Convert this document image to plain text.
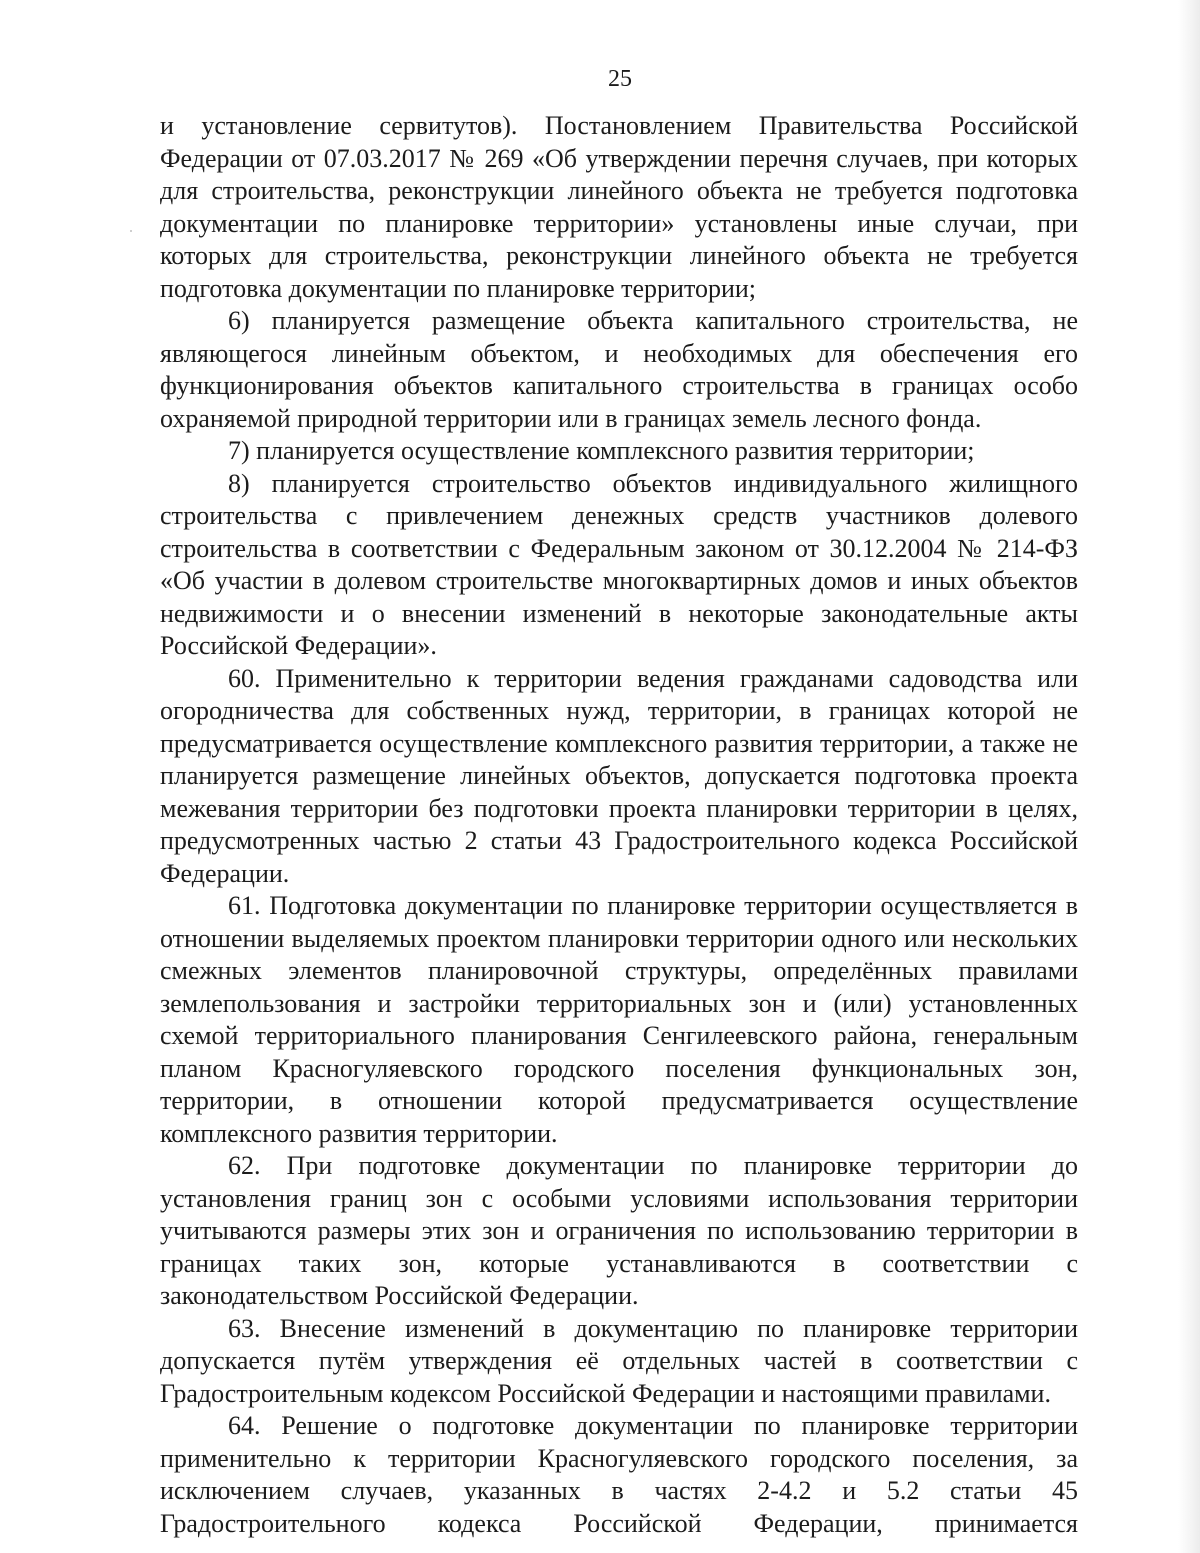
25

и установление сервитутов). Постановлением Правительства Российской Федерации от 07.03.2017 № 269 «Об утверждении перечня случаев, при которых для строительства, реконструкции линейного объекта не требуется подготовка документации по планировке территории» установлены иные случаи, при которых для строительства, реконструкции линейного объекта не требуется подготовка документации по планировке территории;

6) планируется размещение объекта капитального строительства, не являющегося линейным объектом, и необходимых для обеспечения его функционирования объектов капитального строительства в границах особо охраняемой природной территории или в границах земель лесного фонда.

7) планируется осуществление комплексного развития территории;

8) планируется строительство объектов индивидуального жилищного строительства с привлечением денежных средств участников долевого строительства в соответствии с Федеральным законом от 30.12.2004 № 214-ФЗ «Об участии в долевом строительстве многоквартирных домов и иных объектов недвижимости и о внесении изменений в некоторые законодательные акты Российской Федерации».

60. Применительно к территории ведения гражданами садоводства или огородничества для собственных нужд, территории, в границах которой не предусматривается осуществление комплексного развития территории, а также не планируется размещение линейных объектов, допускается подготовка проекта межевания территории без подготовки проекта планировки территории в целях, предусмотренных частью 2 статьи 43 Градостроительного кодекса Российской Федерации.

61. Подготовка документации по планировке территории осуществляется в отношении выделяемых проектом планировки территории одного или нескольких смежных элементов планировочной структуры, определённых правилами землепользования и застройки территориальных зон и (или) установленных схемой территориального планирования Сенгилеевского района, генеральным планом Красногуляевского городского поселения функциональных зон, территории, в отношении которой предусматривается осуществление комплексного развития территории.

62. При подготовке документации по планировке территории до установления границ зон с особыми условиями использования территории учитываются размеры этих зон и ограничения по использованию территории в границах таких зон, которые устанавливаются в соответствии с законодательством Российской Федерации.

63. Внесение изменений в документацию по планировке территории допускается путём утверждения её отдельных частей в соответствии с Градостроительным кодексом Российской Федерации и настоящими правилами.

64. Решение о подготовке документации по планировке территории применительно к территории Красногуляевского городского поселения, за исключением случаев, указанных в частях 2-4.2 и 5.2 статьи 45 Градостроительного кодекса Российской Федерации, принимается
